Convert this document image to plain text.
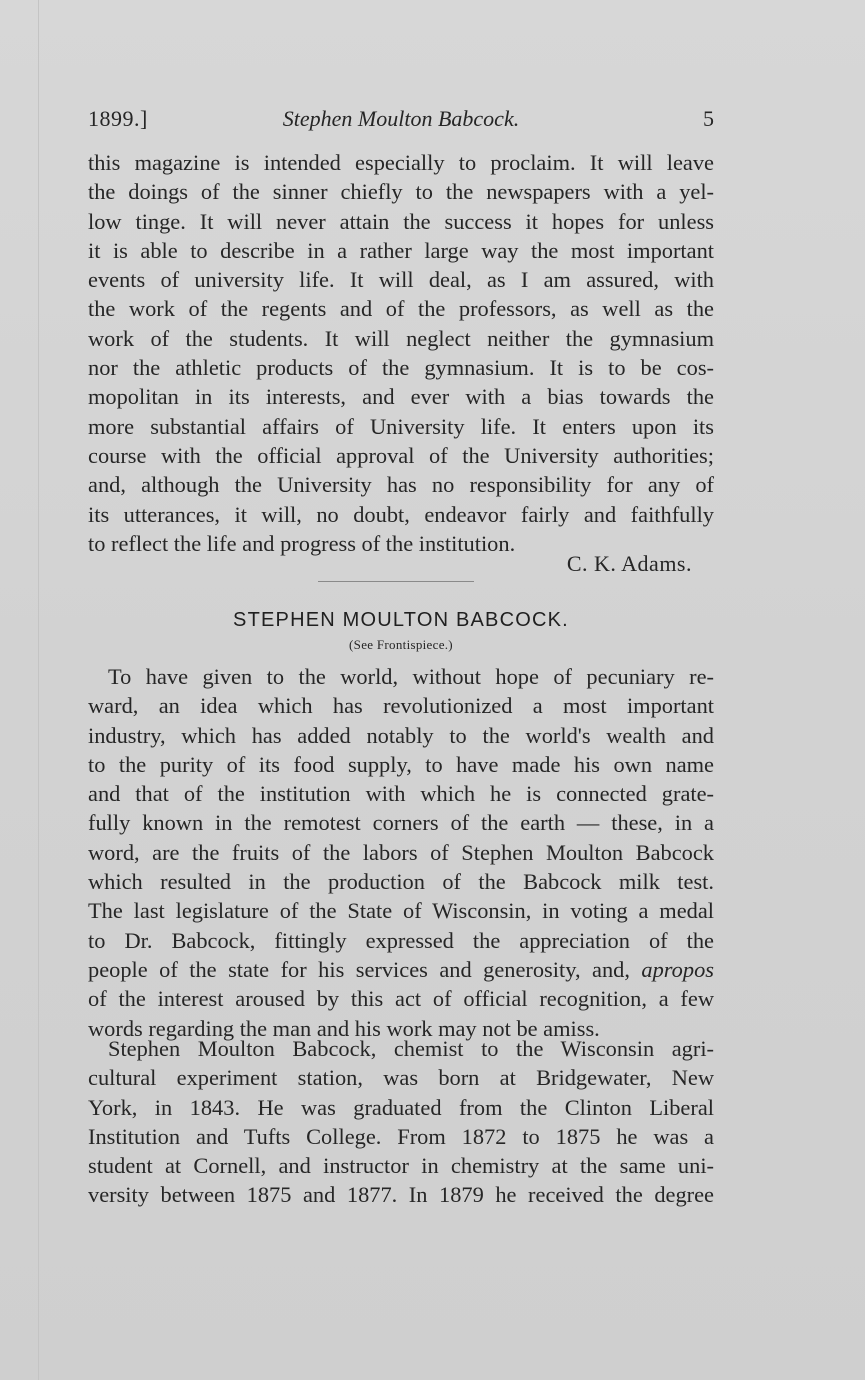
1899.]	Stephen Moulton Babcock.	5
this magazine is intended especially to proclaim. It will leave
the doings of the sinner chiefly to the newspapers with a yel-
low tinge. It will never attain the success it hopes for unless
it is able to describe in a rather large way the most important
events of university life. It will deal, as I am assured, with
the work of the regents and of the professors, as well as the
work of the students. It will neglect neither the gymnasium
nor the athletic products of the gymnasium. It is to be cos-
mopolitan in its interests, and ever with a bias towards the
more substantial affairs of University life. It enters upon its
course with the official approval of the University authorities;
and, although the University has no responsibility for any of
its utterances, it will, no doubt, endeavor fairly and faithfully
to reflect the life and progress of the institution.
C. K. Adams.
STEPHEN MOULTON BABCOCK.
(See Frontispiece.)
To have given to the world, without hope of pecuniary re-
ward, an idea which has revolutionized a most important
industry, which has added notably to the world's wealth and
to the purity of its food supply, to have made his own name
and that of the institution with which he is connected grate-
fully known in the remotest corners of the earth — these, in a
word, are the fruits of the labors of Stephen Moulton Babcock
which resulted in the production of the Babcock milk test.
The last legislature of the State of Wisconsin, in voting a medal
to Dr. Babcock, fittingly expressed the appreciation of the
people of the state for his services and generosity, and, apropos
of the interest aroused by this act of official recognition, a few
words regarding the man and his work may not be amiss.
Stephen Moulton Babcock, chemist to the Wisconsin agri-
cultural experiment station, was born at Bridgewater, New
York, in 1843. He was graduated from the Clinton Liberal
Institution and Tufts College. From 1872 to 1875 he was a
student at Cornell, and instructor in chemistry at the same uni-
versity between 1875 and 1877. In 1879 he received the degree
